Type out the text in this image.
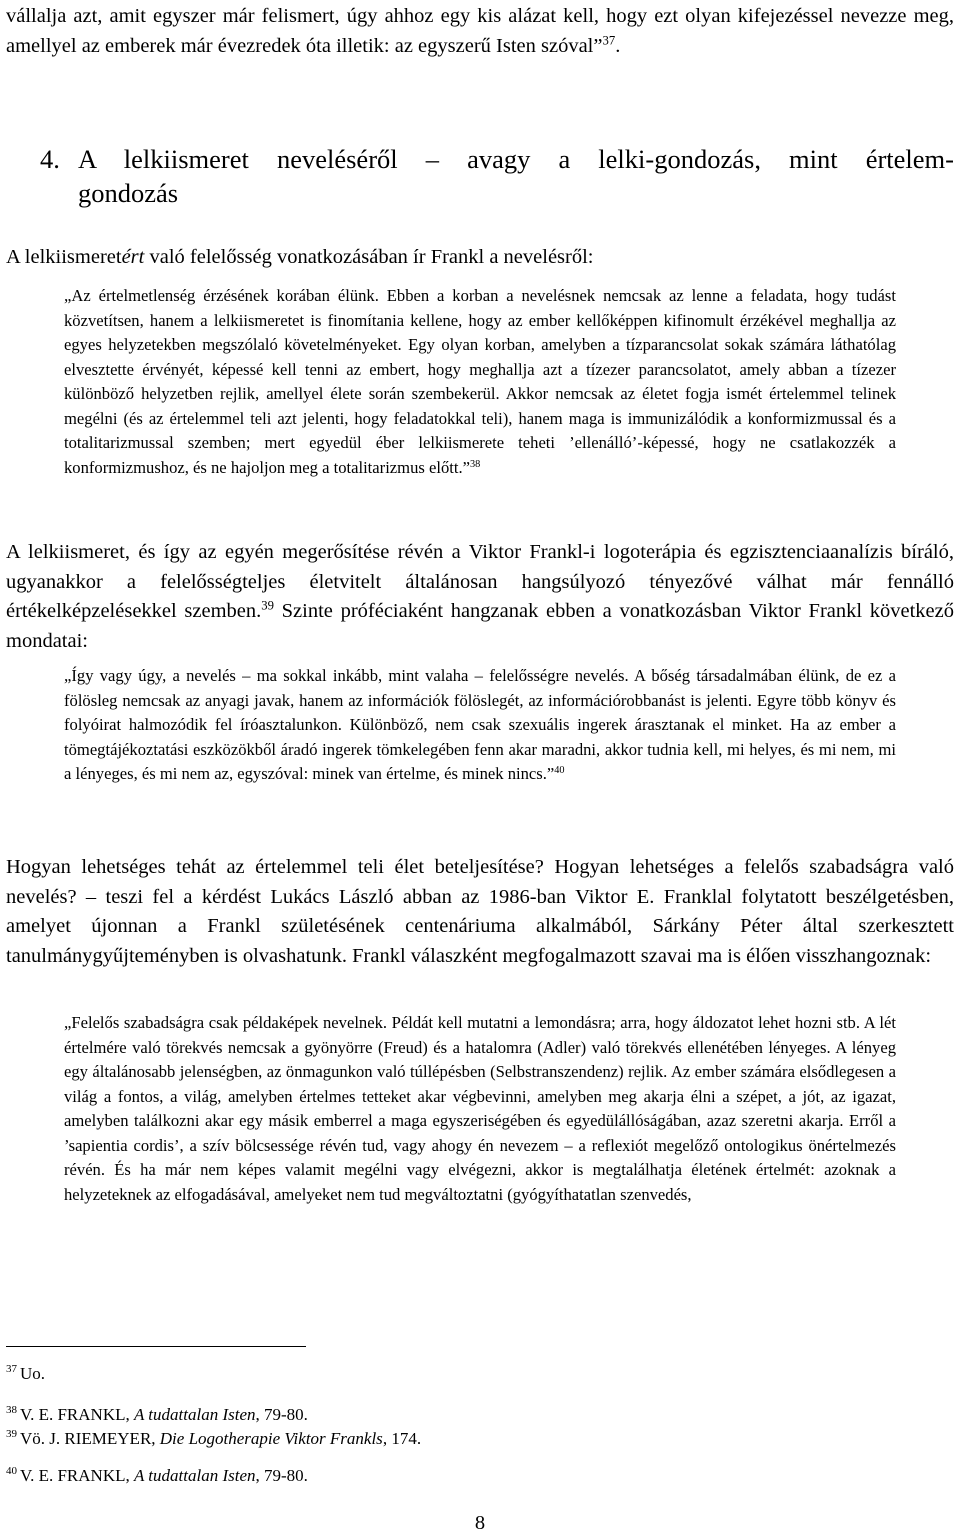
vállalja azt, amit egyszer már felismert, úgy ahhoz egy kis alázat kell, hogy ezt olyan kifejezéssel nevezze meg, amellyel az emberek már évezredek óta illetik: az egyszerű Isten szóval”$^{37}$.

4. A lelkiismeret neveléséről – avagy a lelki-gondozás, mint értelem-
gondozás

A lelkiismeretért való felelősség vonatkozásában ír Frankl a nevelésről:

„Az értelmetlenség érzésének korában élünk. Ebben a korban a nevelésnek nemcsak az lenne a feladata, hogy tudást közvetítsen, hanem a lelkiismeretet is finomítania kellene, hogy az ember kellőképpen kifinomult érzékével meghallja az egyes helyzetekben megszólaló követelményeket. Egy olyan korban, amelyben a tízparancsolat sokak számára láthatólag elvesztette érvényét, képessé kell tenni az embert, hogy meghallja azt a tízezer parancsolatot, amely abban a tízezer különböző helyzetben rejlik, amellyel élete során szembekerül. Akkor nemcsak az életet fogja ismét értelemmel telinek megélni (és az értelemmel teli azt jelenti, hogy feladatokkal teli), hanem maga is immunizálódik a konformizmussal és a totalitarizmussal szemben; mert egyedül éber lelkiismerete teheti ’ellenálló’-képessé, hogy ne csatlakozzék a konformizmushoz, és ne hajoljon meg a totalitarizmus előtt.”$^{38}$

A lelkiismeret, és így az egyén megerősítése révén a Viktor Frankl-i logoterápia és egzisztenciaanalízis bíráló, ugyanakkor a felelősségteljes életvitelt általánosan hangsúlyozó tényezővé válhat már fennálló értékelképzelésekkel szemben.$^{39}$ Szinte próféciaként hangzanak ebben a vonatkozásban Viktor Frankl következő mondatai:

„Így vagy úgy, a nevelés – ma sokkal inkább, mint valaha – felelősségre nevelés. A bőség társadalmában élünk, de ez a fölösleg nemcsak az anyagi javak, hanem az információk fölöslegét, az információrobbanást is jelenti. Egyre több könyv és folyóirat halmozódik fel íróasztalunkon. Különböző, nem csak szexuális ingerek árasztanak el minket. Ha az ember a tömegtájékoztatási eszközökből áradó ingerek tömkelegében fenn akar maradni, akkor tudnia kell, mi helyes, és mi nem, mi a lényeges, és mi nem az, egyszóval: minek van értelme, és minek nincs.”$^{40}$

Hogyan lehetséges tehát az értelemmel teli élet beteljesítése? Hogyan lehetséges a felelős szabadságra való nevelés? – teszi fel a kérdést Lukács László abban az 1986-ban Viktor E. Franklal folytatott beszélgetésben, amelyet újonnan a Frankl születésének centenáriuma alkalmából, Sárkány Péter által szerkesztett tanulmánygyűjteményben is olvashatunk. Frankl válaszként megfogalmazott szavai ma is élően visszhangoznak:

„Felelős szabadságra csak példaképek nevelnek. Példát kell mutatni a lemondásra; arra, hogy áldozatot lehet hozni stb. A lét értelmére való törekvés nemcsak a gyönyörre (Freud) és a hatalomra (Adler) való törekvés ellenétében lényeges. A lényeg egy általánosabb jelenségben, az önmagunkon való túllépésben (Selbstranszendenz) rejlik. Az ember számára elsődlegesen a világ a fontos, a világ, amelyben értelmes tetteket akar végbevinni, amelyben meg akarja élni a szépet, a jót, az igazat, amelyben találkozni akar egy másik emberrel a maga egyszeriségében és egyedülállóságában, azaz szeretni akarja. Erről a ’sapientia cordis’, a szív bölcsessége révén tud, vagy ahogy én nevezem – a reflexiót megelőző ontologikus önértelmezés révén. És ha már nem képes valamit megélni vagy elvégezni, akkor is megtalálhatja életének értelmét: azoknak a helyzeteknek az elfogadásával, amelyeket nem tud megváltoztatni (gyógyíthatatlan szenvedés,

$^{37}$ Uo.

$^{38}$ V. E. FRANKL, A tudattalan Isten, 79-80.

$^{39}$ Vö. J. RIEMEYER, Die Logotherapie Viktor Frankls, 174.

$^{40}$ V. E. FRANKL, A tudattalan Isten, 79-80.

8
